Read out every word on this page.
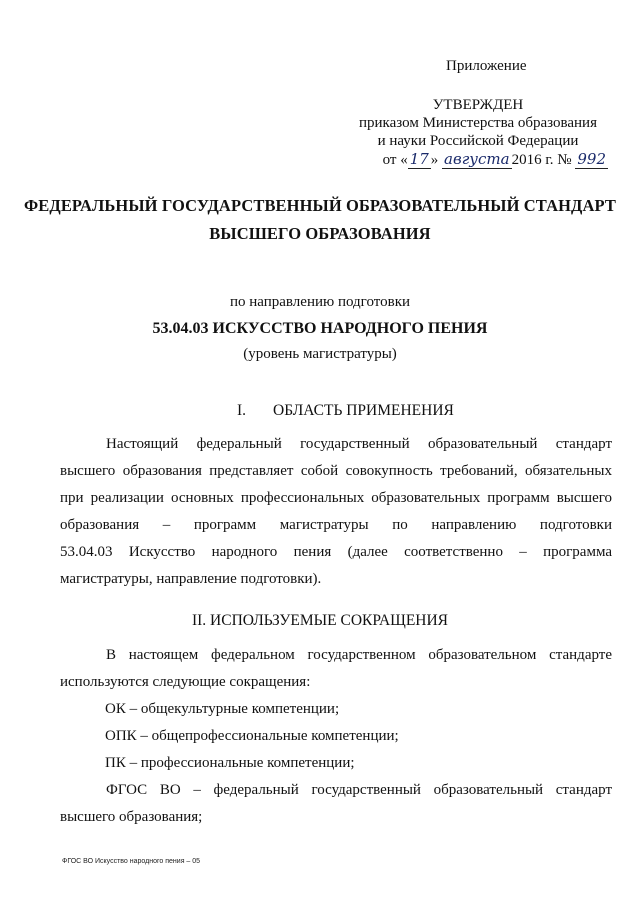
Приложение
УТВЕРЖДЕН
приказом Министерства образования
и науки Российской Федерации
от « 17 » августа 2016 г. № 992
ФЕДЕРАЛЬНЫЙ ГОСУДАРСТВЕННЫЙ ОБРАЗОВАТЕЛЬНЫЙ СТАНДАРТ
ВЫСШЕГО ОБРАЗОВАНИЯ
по направлению подготовки
53.04.03 ИСКУССТВО НАРОДНОГО ПЕНИЯ
(уровень магистратуры)
I. ОБЛАСТЬ ПРИМЕНЕНИЯ
Настоящий федеральный государственный образовательный стандарт
высшего образования представляет собой совокупность требований, обязательных
при реализации основных профессиональных образовательных программ высшего
образования – программ магистратуры по направлению подготовки
53.04.03 Искусство народного пения (далее соответственно – программа
магистратуры, направление подготовки).
II. ИСПОЛЬЗУЕМЫЕ СОКРАЩЕНИЯ
В настоящем федеральном государственном образовательном стандарте
используются следующие сокращения:
ОК – общекультурные компетенции;
ОПК – общепрофессиональные компетенции;
ПК – профессиональные компетенции;
ФГОС ВО – федеральный государственный образовательный стандарт
высшего образования;
ФГОС ВО Искусство народного пения – 05
